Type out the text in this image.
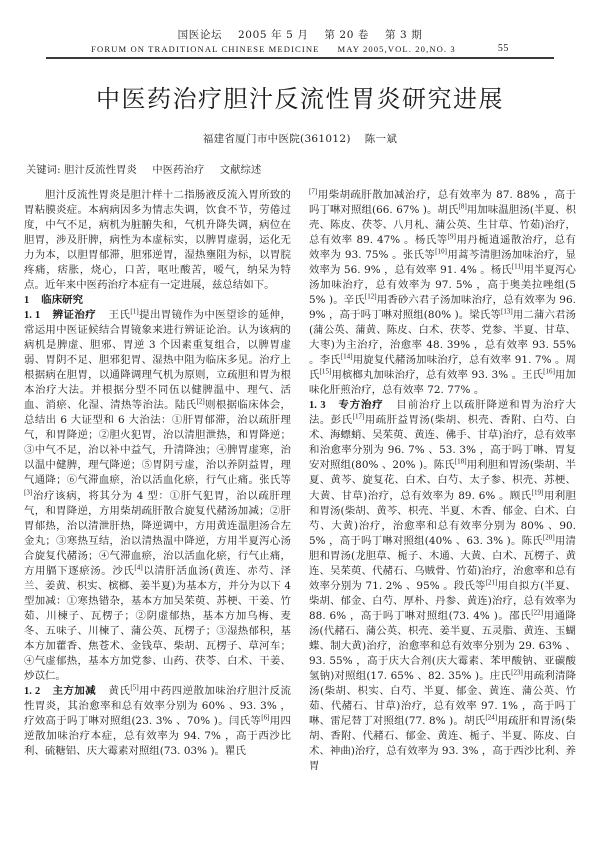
国医论坛 2005 年 5 月 第 20 卷 第 3 期
FORUM ON TRADITIONAL CHINESE MEDICINE MAY 2005,VOL. 20,NO. 3	55
中医药治疗胆汁反流性胃炎研究进展
福建省厦门市中医院(361012) 陈一斌
关键词: 胆汁反流性胃炎 中医药治疗 文献综述

胆汁反流性胃炎是胆汁样十二指肠液反流入胃所致的胃粘膜炎症。本病病因多为情志失调，饮食不节，劳倦过度，中气不足，病机为脏腑失和，气机升降失调，病位在胆胃，涉及肝脾，病性为本虚标实，以脾胃虚弱，运化无力为本，以胆胃郁滞，胆邪逆胃，湿热壅阻为标，以胃脘疼痛，痞胀，烧心，口苦，呕吐酸苦，嗳气，纳呆为特点。近年来中医药治疗本症有一定进展，兹总结如下。

1 临床研究

1. 1 辨证治疗 王氏[1]提出胃镜作为中医望诊的延伸，常运用中医证候结合胃镜象来进行辨证论治。认为该病的病机是脾虚、胆邪、胃逆 3 个因素重复组合，以脾胃虚弱、胃阴不足、胆邪犯胃、湿热中阻为临床多见。治疗上根据病在胆胃，以通降调理气机为原则，立疏胆和胃为根本治疗大法。并根据分型不同伍以健脾温中、理气、活血、消瘀、化湿、清热等治法。陆氏[2]则根据临床体会，总结出 6 大证型和 6 大治法：①肝胃郁滞，治以疏肝理气，和胃降逆；②胆火犯胃，治以清胆泄热，和胃降逆；③中气不足，治以补中益气，升清降浊；④脾胃虚寒，治以温中健脾，理气降逆；⑤胃阴亏虚，治以养阴益胃，理气通降；⑥气滞血瘀，治以活血化瘀，行气止痛。张氏等[3]治疗该病，将其分为 4 型：①肝气犯胃，治以疏肝理气，和胃降逆，方用柴胡疏肝散合旋复代赭汤加减；②肝胃郁热，治以清泄肝热，降逆调中，方用黄连温胆汤合左金丸；③寒热互结，治以清热温中降逆，方用半夏泻心汤合旋复代赭汤；④气滞血瘀，治以活血化瘀，行气止痛，方用膈下逐瘀汤。沙氏[4]以清肝活血汤(黄连、赤芍、泽兰、姜黄、枳实、槟榔、姜半夏)为基本方，并分为以下 4 型加减：①寒热错杂，基本方加吴茱萸、苏梗、干姜、竹茹、川楝子、瓦楞子；②阴虚郁热，基本方加乌梅、麦冬、五味子、川楝了、蒲公英、瓦楞子；③湿热郁积，基本方加藿香、焦苍术、金钱草、柴胡、瓦楞子、草河车；④气虚郁热，基本方加党参、山药、茯苓、白术、干姜、炒苡仁。

1. 2 主方加减 黄氏[5]用中药四逆散加味治疗胆汁反流性胃炎，其治愈率和总有效率分别为 60% 、93. 3% ，疗效高于吗丁啉对照组(23. 3% 、70% )。闫氏等[6]用四逆散加味治疗本症，总有效率为 94. 7% ，高于西沙比利、硫糖铝、庆大霉素对照组(73. 03% )。瞿氏

[7]用柴胡疏肝散加减治疗，总有效率为 87. 88% ，高于吗丁啉对照组(66. 67% )。胡氏[8]用加味温胆汤(半夏、枳壳、陈皮、茯苓、八月札、蒲公英、生甘草、竹茹)治疗，总有效率 89. 47% 。杨氏等[9]用丹栀逍遥散治疗，总有效率为 93. 75% 。张氏等[10]用蒿芩清胆汤加味治疗，显效率为 56. 9% ，总有效率 91. 4% 。杨氏[11]用半夏泻心汤加味治疗，总有效率为 97. 5% ，高于奥美拉唑组(55% )。辛氏[12]用香砂六君子汤加味治疗，总有效率为 96. 9% ，高于吗丁啉对照组(80% )。梁氏等[13]用二蒲六君汤(蒲公英、蒲黄、陈皮、白术、茯苓、党参、半夏、甘草、大枣)为主治疗，治愈率 48. 39% ，总有效率 93. 55% 。李氏[14]用旋复代赭汤加味治疗，总有效率 91. 7% 。周氏[15]用槟榔丸加味治疗，总有效率 93. 3% 。王氏[16]用加味化肝煎治疗，总有效率 72. 77% 。

1. 3 专方治疗 目前治疗上以疏肝降逆和胃为治疗大法。彭氏[17]用疏肝益胃汤(柴胡、枳壳、香附、白芍、白术、海螵蛸、吴茱萸、黄连、佛手、甘草)治疗，总有效率和治愈率分别为 96. 7% 、53. 3% ，高于吗丁啉、胃复安对照组(80% 、20% )。陈氏[18]用利胆和胃汤(柴胡、半夏、黄芩、旋复花、白术、白芍、太子参、枳壳、苏梗、大黄、甘草)治疗，总有效率为 89. 6% 。顾氏[19]用利胆和胃汤(柴胡、黄芩、枳壳、半夏、木香、郁金、白术、白芍、大黄)治疗，治愈率和总有效率分别为 80% 、90. 5% ，高于吗丁啉对照组(40% 、63. 3% )。陈氏[20]用清胆和胃汤(龙胆草、栀子、木通、大黄、白术、瓦楞子、黄连、吴茱萸、代赭石、乌贼骨、竹茹)治疗，治愈率和总有效率分别为 71. 2% 、95% 。段氏等[21]用自拟方(半夏、柴胡、郁金、白芍、厚朴、丹参、黄连)治疗，总有效率为 88. 6% ，高于吗丁啉对照组(73. 4% )。邵氏[22]用通降汤(代赭石、蒲公英、枳壳、姜半夏、五灵脂、黄连、玉蝴蝶、制大黄)治疗，治愈率和总有效率分别为 29. 63% 、93. 55% ，高于庆大合剂(庆大霉素、苯甲酸钠、亚碳酸氢钠)对照组(17. 65% 、82. 35% )。庄氏[23]用疏利清降汤(柴胡、枳实、白芍、半夏、郁金、黄连、蒲公英、竹茹、代赭石、甘草)治疗，总有效率 97. 1% ，高于吗丁啉、雷尼替丁对照组(77. 8% )。胡氏[24]用疏肝和胃汤(柴胡、香附、代赭石、郁金、黄连、栀子、半夏、陈皮、白术、神曲)治疗，总有效率为 93. 3% ，高于西沙比利、养胃
